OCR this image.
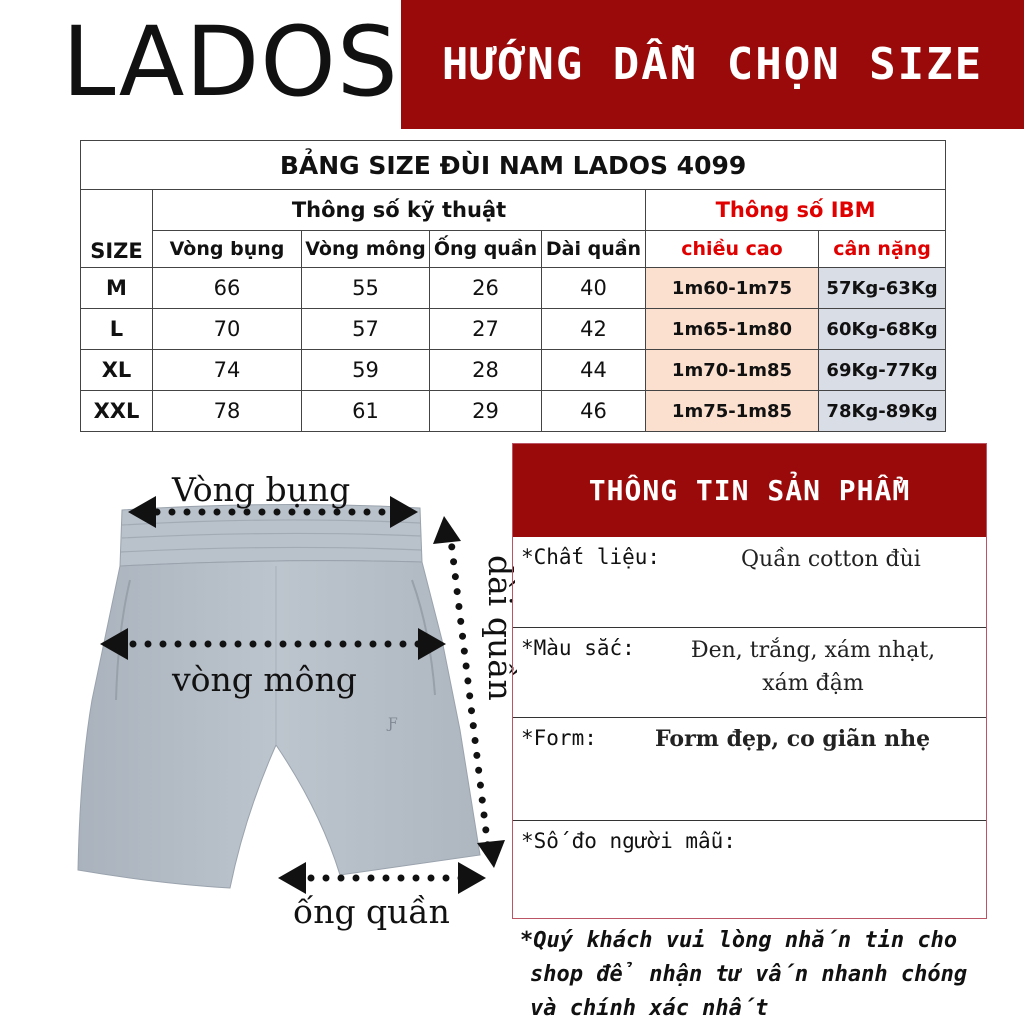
LADOS HƯỚNG DẪN CHỌN SIZE
BẢNG SIZE ĐÙI NAM LADOS 4099						
SIZE	Thông số kỹ thuật				Thông số IBM	
	Vòng bụng	Vòng mông	Ống quần	Dài quần	chiều cao	cân nặng
M	66	55	26	40	1m60-1m75	57Kg-63Kg
L	70	57	27	42	1m65-1m80	60Kg-68Kg
XL	74	59	28	44	1m70-1m85	69Kg-77Kg
XXL	78	61	29	46	1m75-1m85	78Kg-89Kg
Ƒ
Vòng bụng
vòng mông
ống quần
dài quần
THÔNG TIN SẢN PHẨM
*Chất liệu:	Quần cotton đùi
*Màu sắc:	Đen, trắng, xám nhạt,
xám đậm
*Form:	Form đẹp, co giãn nhẹ
*Số đo người mẫu:
*Quý khách vui lòng nhắn tin cho
shop để nhận tư vấn nhanh chóng
và chính xác nhất
